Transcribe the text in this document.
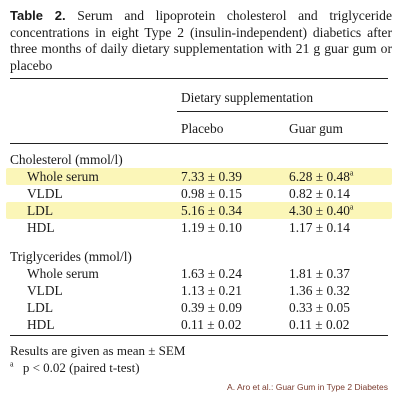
Table 2. Serum and lipoprotein cholesterol and triglyceride concentrations in eight Type 2 (insulin-independent) diabetics after three months of daily dietary supplementation with 21 g guar gum or placebo
Dietary supplementation
Placebo	Guar gum
Cholesterol (mmol/l)
Whole serum	7.33 ± 0.39	6.28 ± 0.48$^a$
VLDL	0.98 ± 0.15	0.82 ± 0.14
LDL	5.16 ± 0.34	4.30 ± 0.40$^a$
HDL	1.19 ± 0.10	1.17 ± 0.14
Triglycerides (mmol/l)
Whole serum	1.63 ± 0.24	1.81 ± 0.37
VLDL	1.13 ± 0.21	1.36 ± 0.32
LDL	0.39 ± 0.09	0.33 ± 0.05
HDL	0.11 ± 0.02	0.11 ± 0.02
Results are given as mean ± SEM
$^a$ p < 0.02 (paired t-test)
A. Aro et al.: Guar Gum in Type 2 Diabetes
